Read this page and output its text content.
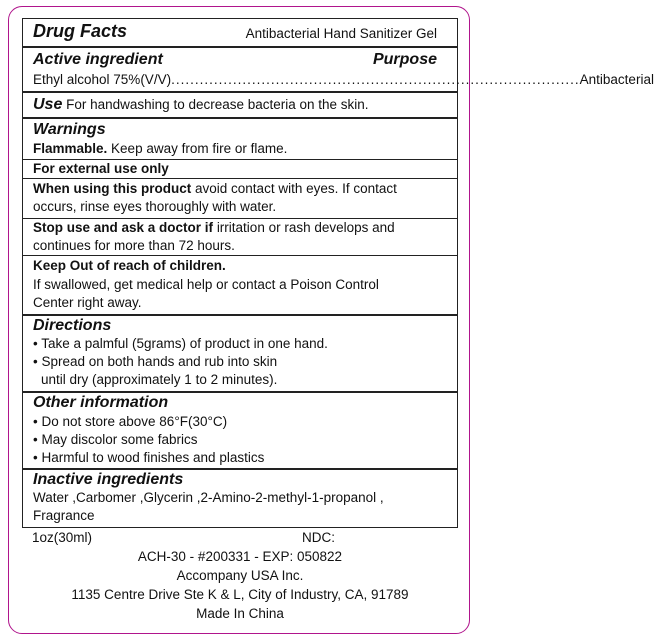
Drug Facts	Antibacterial Hand Sanitizer Gel
Active ingredient	Purpose
Ethyl alcohol 75%(V/V) ...................................................................................... Antibacterial
Use For handwashing to decrease bacteria on the skin.
Warnings
Flammable. Keep away from fire or flame.
For external use only
When using this product avoid contact with eyes. If contact
occurs, rinse eyes thoroughly with water.
Stop use and ask a doctor if irritation or rash develops and
continues for more than 72 hours.
Keep Out of reach of children.
If swallowed, get medical help or contact a Poison Control
Center right away.
Directions
• Take a palmful (5grams) of product in one hand.
• Spread on both hands and rub into skin
until dry (approximately 1 to 2 minutes).
Other information
• Do not store above 86°F(30°C)
• May discolor some fabrics
• Harmful to wood finishes and plastics
Inactive ingredients
Water ,Carbomer ,Glycerin ,2-Amino-2-methyl-1-propanol ,
Fragrance
1oz(30ml)	NDC:
ACH-30 - #200331 - EXP: 050822
Accompany USA Inc.
1135 Centre Drive Ste K & L, City of Industry, CA, 91789
Made In China
